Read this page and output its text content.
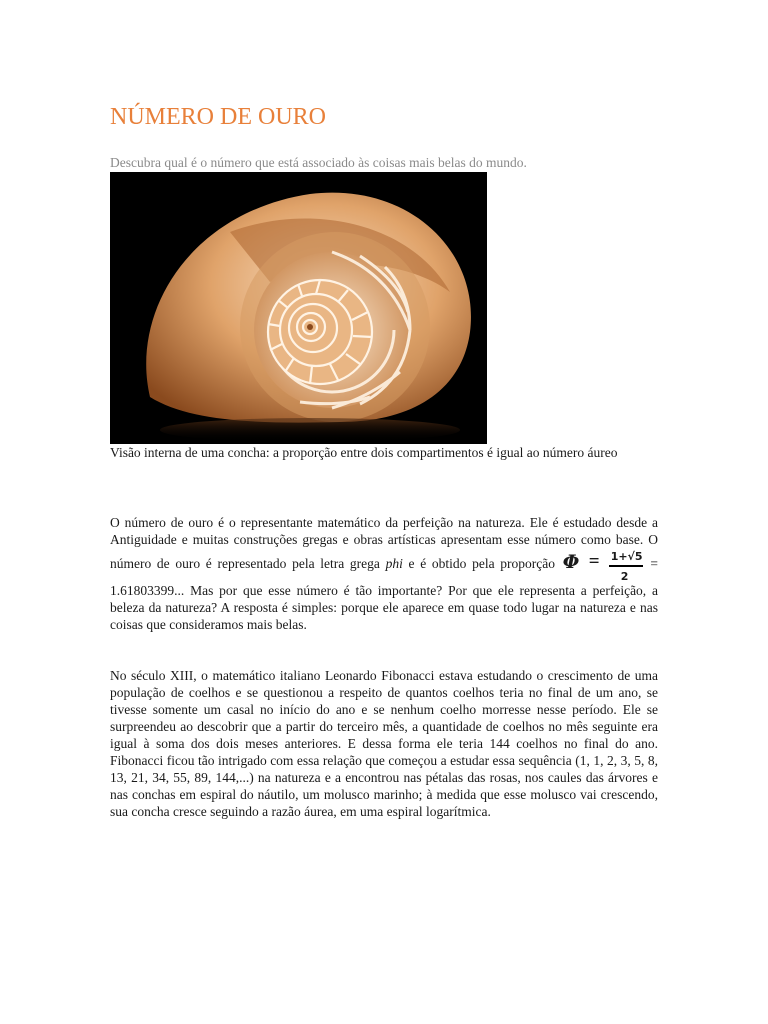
NÚMERO DE OURO

Descubra qual é o número que está associado às coisas mais belas do mundo.

Visão interna de uma concha: a proporção entre dois compartimentos é igual ao número áureo

O número de ouro é o representante matemático da perfeição na natureza. Ele é estudado desde a Antiguidade e muitas construções gregas e obras artísticas apresentam esse número como base. O número de ouro é representado pela letra grega phi e é obtido pela proporção Φ = 1+√5
2
= 1.61803399... Mas por que esse número é tão importante? Por que ele representa a perfeição, a beleza da natureza? A resposta é simples: porque ele aparece em quase todo lugar na natureza e nas coisas que consideramos mais belas.

No século XIII, o matemático italiano Leonardo Fibonacci estava estudando o crescimento de uma população de coelhos e se questionou a respeito de quantos coelhos teria no final de um ano, se tivesse somente um casal no início do ano e se nenhum coelho morresse nesse período. Ele se surpreendeu ao descobrir que a partir do terceiro mês, a quantidade de coelhos no mês seguinte era igual à soma dos dois meses anteriores. E dessa forma ele teria 144 coelhos no final do ano. Fibonacci ficou tão intrigado com essa relação que começou a estudar essa sequência (1, 1, 2, 3, 5, 8, 13, 21, 34, 55, 89, 144,...) na natureza e a encontrou nas pétalas das rosas, nos caules das árvores e nas conchas em espiral do náutilo, um molusco marinho; à medida que esse molusco vai crescendo, sua concha cresce seguindo a razão áurea, em uma espiral logarítmica.
